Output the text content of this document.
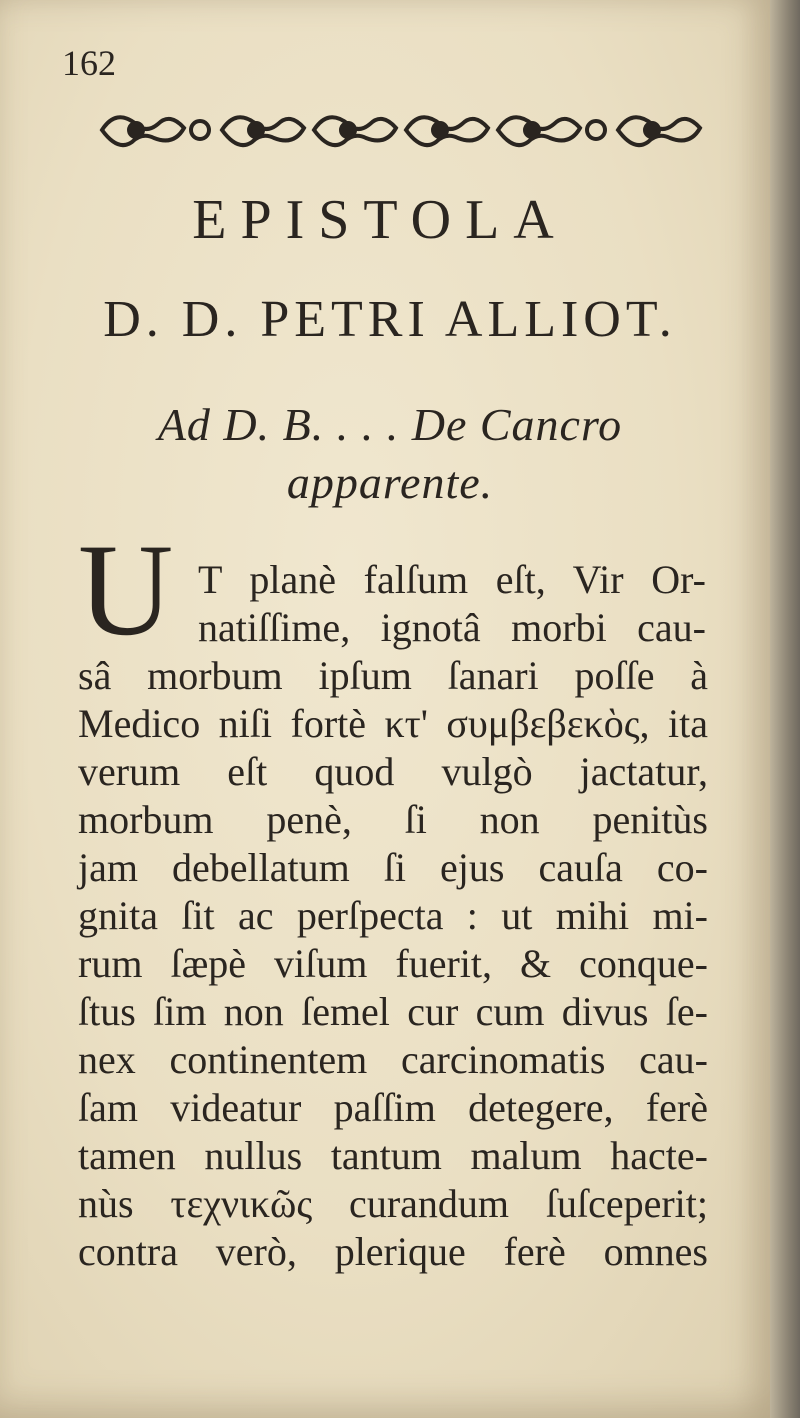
162
EPISTOLA
D. D. PETRI ALLIOT.
Ad D. B. . . . De Cancro
apparente.
U T planè falſum eſt, Vir Or-
natiſſime, ignotâ morbi cau-
sâ morbum ipſum ſanari poſſe à
Medico niſi fortè κτ' συμβεβεκὸς, ita
verum eſt quod vulgò jactatur,
morbum penè, ſi non penitùs
jam debellatum ſi ejus cauſa co-
gnita ſit ac perſpecta : ut mihi mi-
rum ſæpè viſum fuerit, & conque-
ſtus ſim non ſemel cur cum divus ſe-
nex continentem carcinomatis cau-
ſam videatur paſſim detegere, ferè
tamen nullus tantum malum hacte-
nùs τεχνικῶς curandum ſuſceperit;
contra verò, plerique ferè omnes
